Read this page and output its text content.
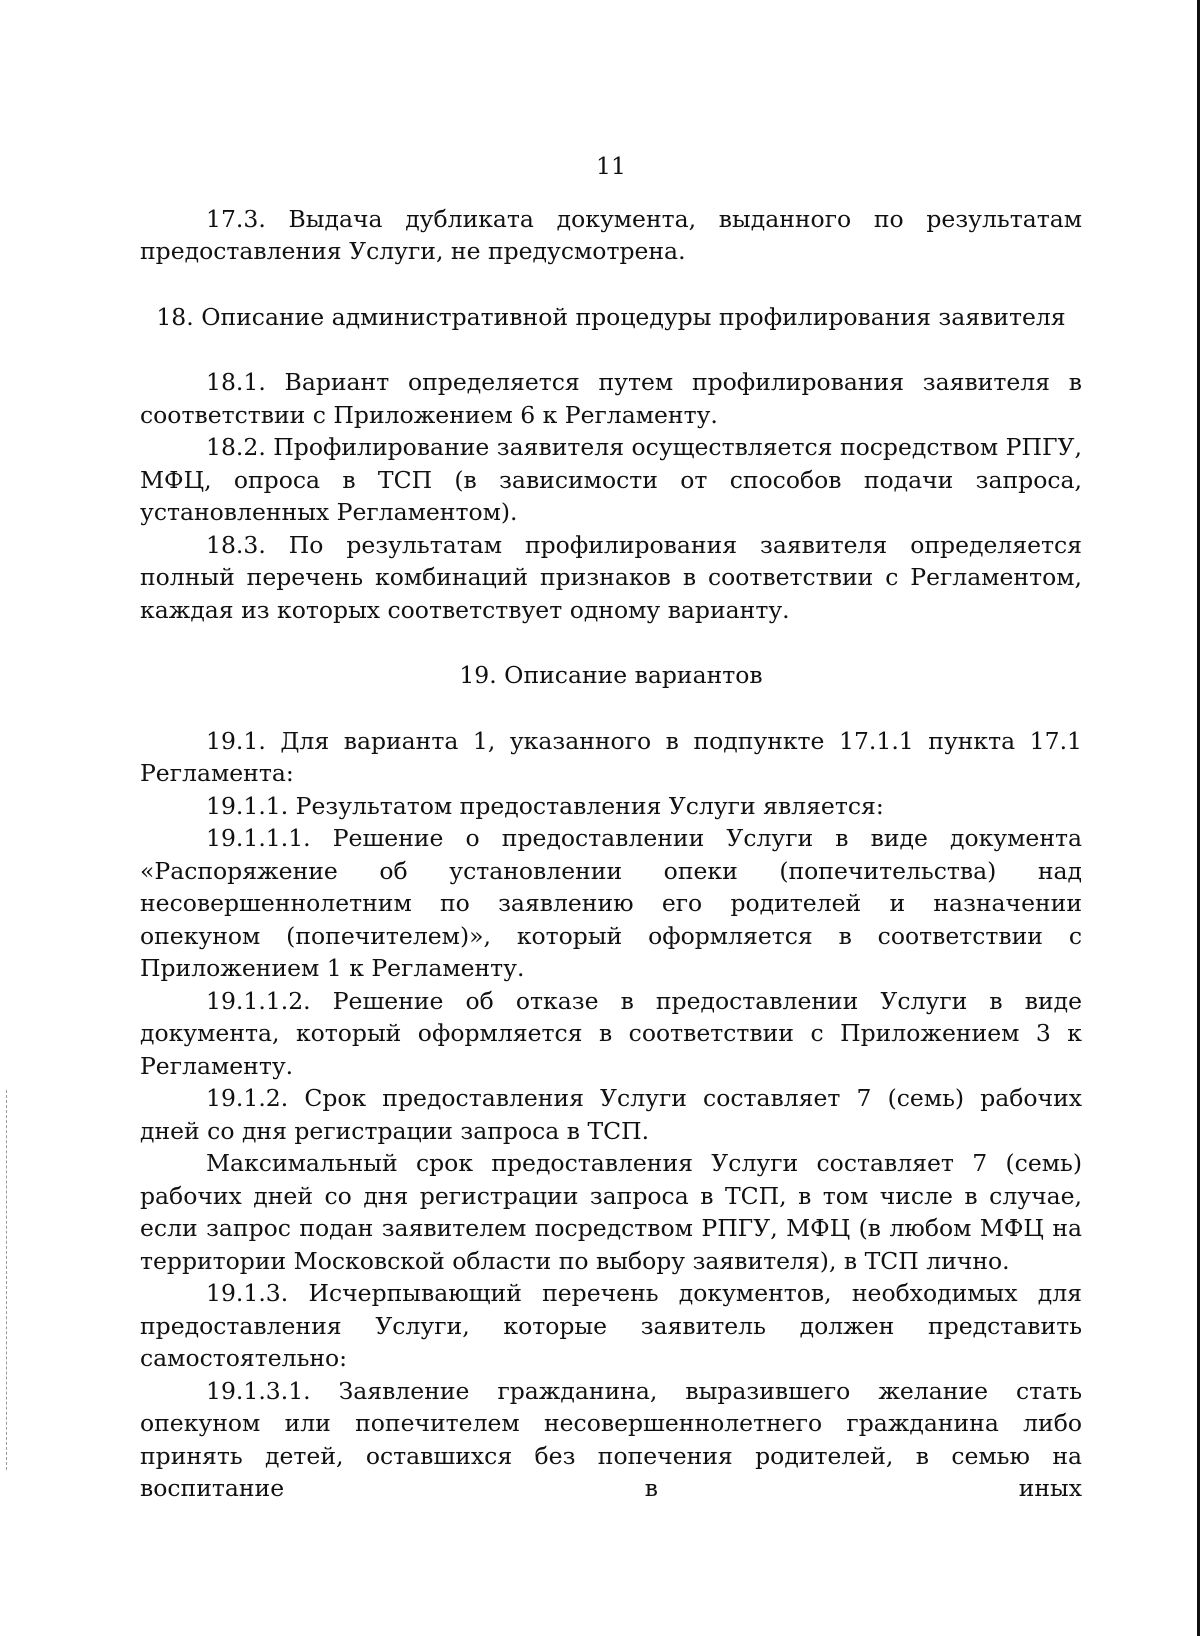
11

17.3. Выдача дубликата документа, выданного по результатам предоставления Услуги, не предусмотрена.

18. Описание административной процедуры профилирования заявителя

18.1. Вариант определяется путем профилирования заявителя в соответствии с Приложением 6 к Регламенту.

18.2. Профилирование заявителя осуществляется посредством РПГУ, МФЦ, опроса в ТСП (в зависимости от способов подачи запроса, установленных Регламентом).

18.3. По результатам профилирования заявителя определяется полный перечень комбинаций признаков в соответствии с Регламентом, каждая из которых соответствует одному варианту.

19. Описание вариантов

19.1. Для варианта 1, указанного в подпункте 17.1.1 пункта 17.1 Регламента:

19.1.1. Результатом предоставления Услуги является:

19.1.1.1. Решение о предоставлении Услуги в виде документа «Распоряжение об установлении опеки (попечительства) над несовершеннолетним по заявлению его родителей и назначении опекуном (попечителем)», который оформляется в соответствии с Приложением 1 к Регламенту.

19.1.1.2. Решение об отказе в предоставлении Услуги в виде документа, который оформляется в соответствии с Приложением 3 к Регламенту.

19.1.2. Срок предоставления Услуги составляет 7 (семь) рабочих дней со дня регистрации запроса в ТСП.

Максимальный срок предоставления Услуги составляет 7 (семь) рабочих дней со дня регистрации запроса в ТСП, в том числе в случае, если запрос подан заявителем посредством РПГУ, МФЦ (в любом МФЦ на территории Московской области по выбору заявителя), в ТСП лично.

19.1.3. Исчерпывающий перечень документов, необходимых для предоставления Услуги, которые заявитель должен представить самостоятельно:

19.1.3.1. Заявление гражданина, выразившего желание стать опекуном или попечителем несовершеннолетнего гражданина либо принять детей, оставшихся без попечения родителей, в семью на воспитание в иных
